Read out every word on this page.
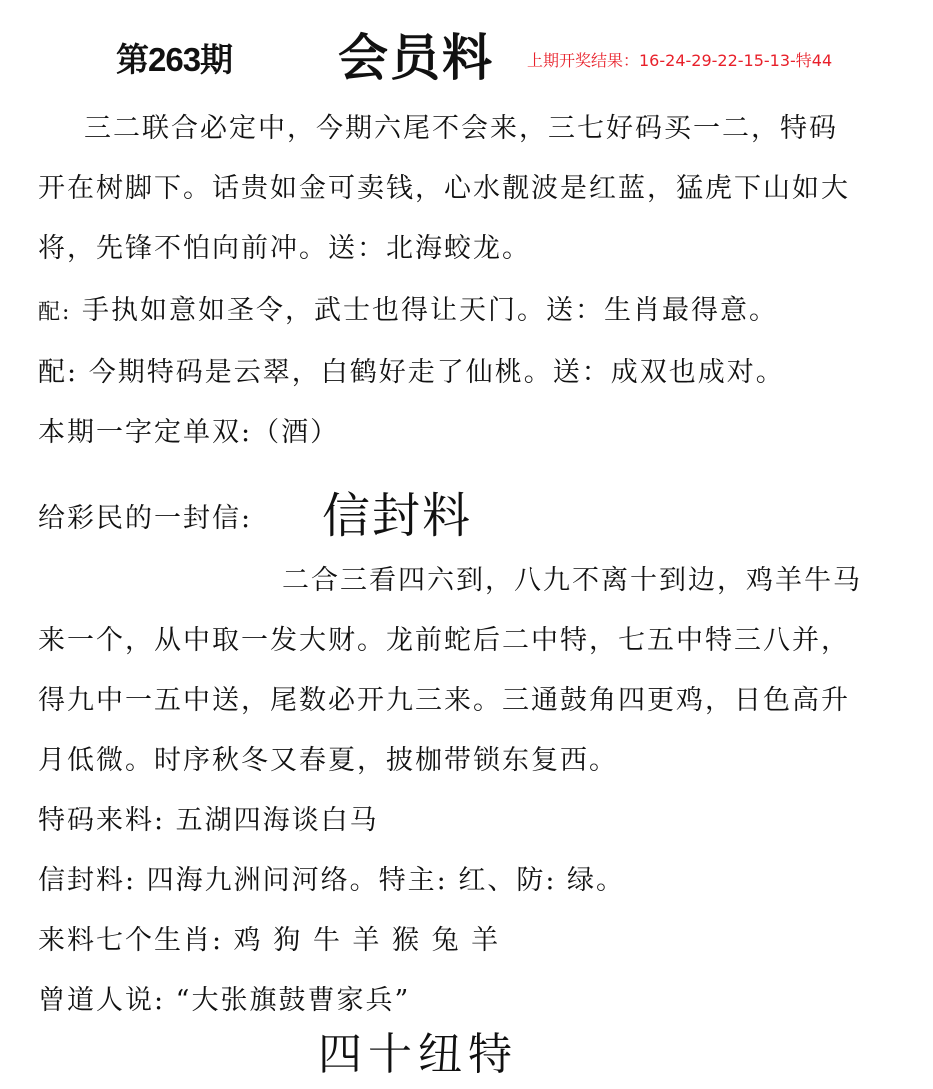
第263期 会员料 上期开奖结果：16-24-29-22-15-13-特44
三二联合必定中，今期六尾不会来，三七好码买一二，特码
开在树脚下。话贵如金可卖钱，心水靓波是红蓝，猛虎下山如大
将，先锋不怕向前冲。送：北海蛟龙。
配: 手执如意如圣令，武士也得让天门。送：生肖最得意。
配: 今期特码是云翠，白鹤好走了仙桃。送：成双也成对。
本期一字定单双:（酒）
给彩民的一封信: 信封料
二合三看四六到，八九不离十到边，鸡羊牛马
来一个，从中取一发大财。龙前蛇后二中特，七五中特三八并，
得九中一五中送，尾数必开九三来。三通鼓角四更鸡，日色高升
月低微。时序秋冬又春夏，披枷带锁东复西。
特码来料: 五湖四海谈白马
信封料: 四海九洲问河络。特主: 红、防: 绿。
来料七个生肖: 鸡 狗 牛 羊 猴 兔 羊
曾道人说: “大张旗鼓曹家兵”
四十纽特
